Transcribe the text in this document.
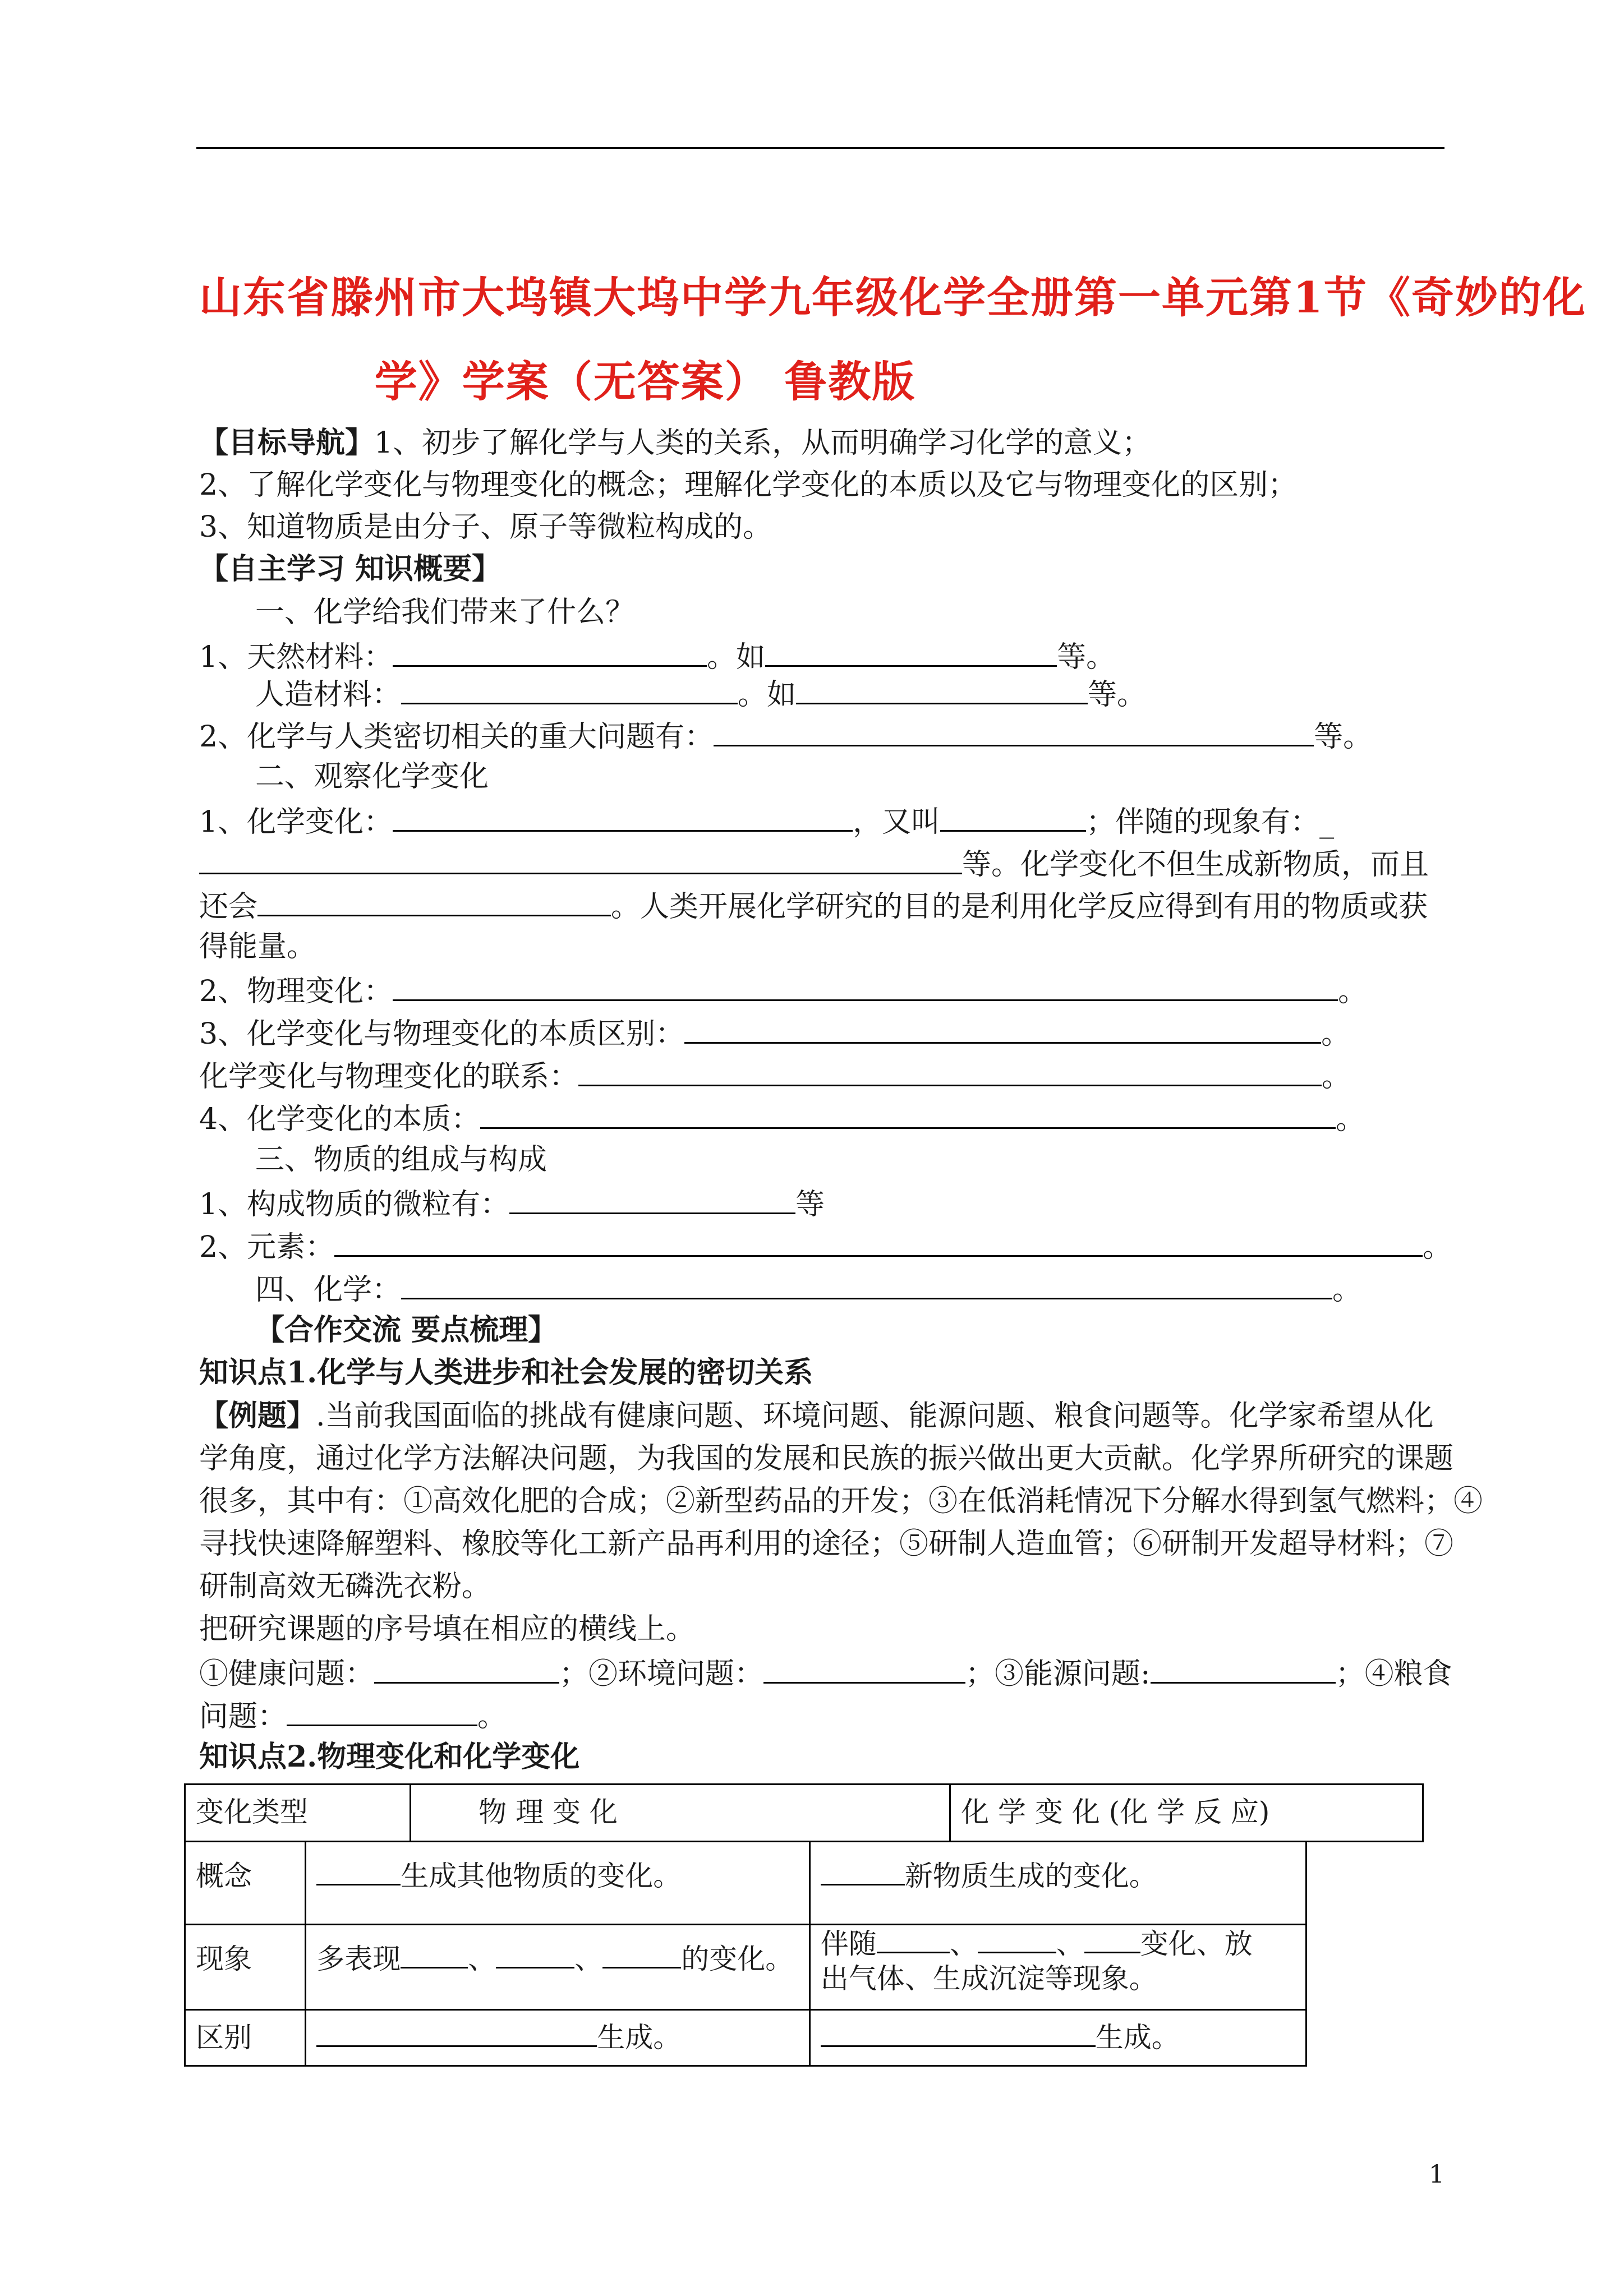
山东省滕州市大坞镇大坞中学九年级化学全册第一单元第1节《奇妙的化
学》学案（无答案） 鲁教版
【目标导航】1、初步了解化学与人类的关系，从而明确学习化学的意义；
2、了解化学变化与物理变化的概念；理解化学变化的本质以及它与物理变化的区别；
3、知道物质是由分子、原子等微粒构成的。
【自主学习 知识概要】
一、化学给我们带来了什么？
1、天然材料：	。如	等。
人造材料：	。如	等。
2、化学与人类密切相关的重大问题有：	等。
二、观察化学变化
1、化学变化：	，又叫	；伴随的现象有：_
等。化学变化不但生成新物质，而且
还会	。人类开展化学研究的目的是利用化学反应得到有用的物质或获
得能量。
2、物理变化：	。
3、化学变化与物理变化的本质区别：	。
化学变化与物理变化的联系：	。
4、化学变化的本质：	。
三、物质的组成与构成
1、构成物质的微粒有：	等
2、元素：	。
四、化学：	。
【合作交流 要点梳理】
知识点1.化学与人类进步和社会发展的密切关系
【例题】.当前我国面临的挑战有健康问题、环境问题、能源问题、粮食问题等。化学家希望从化
学角度，通过化学方法解决问题，为我国的发展和民族的振兴做出更大贡献。化学界所研究的课题
很多，其中有：①高效化肥的合成；②新型药品的开发；③在低消耗情况下分解水得到氢气燃料；④
寻找快速降解塑料、橡胶等化工新产品再利用的途径；⑤研制人造血管；⑥研制开发超导材料；⑦
研制高效无磷洗衣粉。
把研究课题的序号填在相应的横线上。
①健康问题：	；②环境问题：	；③能源问题:	；④粮食
问题：	。
知识点2.物理变化和化学变化
变化类型	物 理 变 化	化 学 变 化 (化 学 反 应)
概念	生成其他物质的变化。	新物质生成的变化。
现象	多表现 、 、 的变化。	伴随 、 、 变化、放
出气体、生成沉淀等现象。
区别	生成。	生成。
1
